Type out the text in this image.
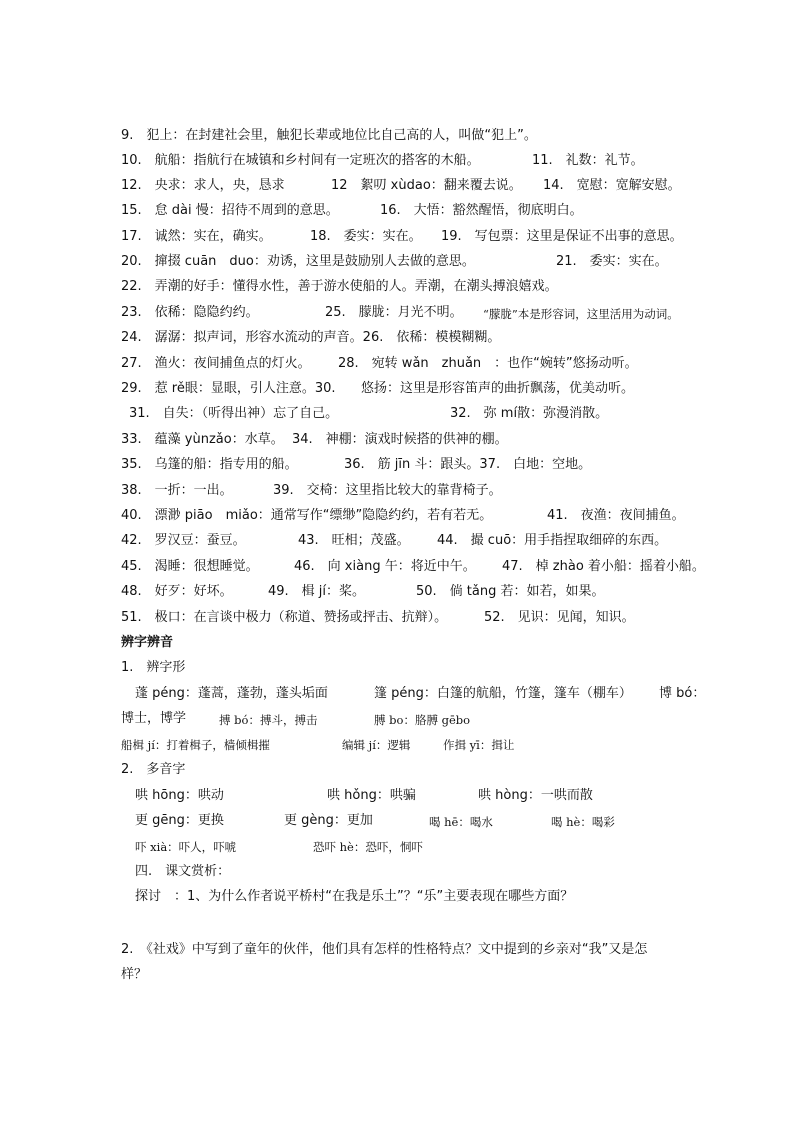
9.　犯上：在封建社会里，触犯长辈或地位比自己高的人，叫做“犯上”。
10.　航船：指航行在城镇和乡村间有一定班次的搭客的木船。	11.　礼数：礼节。
12.　央求：求人，央，恳求	12　絮叨 xùdao：翻来覆去说。 14.　宽慰：宽解安慰。
15.　怠 dài 慢：招待不周到的意思。	16.　大悟：豁然醒悟，彻底明白。
17.　诚然：实在，确实。	18.　委实：实在。 19.　写包票：这里是保证不出事的意思。
20.　撺掇 cuān　duo：劝诱，这里是鼓励别人去做的意思。	21.　委实：实在。
22.　弄潮的好手：懂得水性，善于游水使船的人。弄潮，在潮头搏浪嬉戏。
23.　依稀：隐隐约约。	25.　朦胧：月光不明。 “朦胧”本是形容词，这里活用为动词。
24.　潺潺：拟声词，形容水流动的声音。26.　依稀：模模糊糊。
27.　渔火：夜间捕鱼点的灯火。 28.　宛转 wǎn　zhuǎn　：也作“婉转”悠扬动听。
29.　惹 rě眼：显眼，引人注意。30. 悠扬：这里是形容笛声的曲折飘荡，优美动听。
31.　自失：（听得出神）忘了自己。	32.　弥 mí散：弥漫消散。
33.　蕴藻 yùnzǎo：水草。 34.　神棚：演戏时候搭的供神的棚。
35.　乌篷的船：指专用的船。	36.　筋 jīn 斗：跟头。37.　白地：空地。
38.　一折：一出。	39.　交椅：这里指比较大的靠背椅子。
40.　漂渺 piāo　miǎo：通常写作“缥缈”隐隐约约，若有若无。	41.　夜渔：夜间捕鱼。
42.　罗汉豆：蚕豆。	43.　旺相；茂盛。 44.　撮 cuō：用手指捏取细碎的东西。
45.　渴睡：很想睡觉。	46.　向 xiàng 午：将近中午。 47.　棹 zhào 着小船：摇着小船。
48.　好歹：好坏。	49.　楫 jí：桨。	50.　倘 tǎng 若：如若，如果。
51.　极口：在言谈中极力（称道、赞扬或抨击、抗辩）。	52.　见识：见闻，知识。
辨字辨音
1.　辨字形
蓬 péng：蓬蒿，蓬勃，蓬头垢面	篷 péng：白篷的航船，竹篷，篷车（棚车） 博 bó：
博士，博学	搏 bó：搏斗，搏击	膊 bo：胳膊 gēbo
船楫 jí：打着楫子，樯倾楫摧	编辑 jí：逻辑	作揖 yī：揖让
2.　多音字
哄 hōng：哄动	哄 hǒng：哄骗	哄 hòng：一哄而散
更 gēng：更换	更 gèng：更加	喝 hē：喝水	喝 hè：喝彩
吓 xià：吓人，吓唬	恐吓 hè：恐吓，恫吓
四.　课文赏析：
探讨　：1、为什么作者说平桥村“在我是乐土”？“乐”主要表现在哪些方面？
2.　《社戏》中写到了童年的伙伴，他们具有怎样的性格特点？文中提到的乡亲对“我”又是怎
样？
